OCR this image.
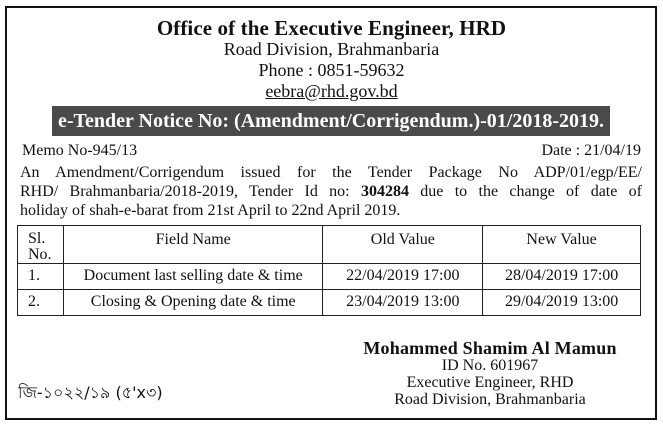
Office of the Executive Engineer, HRD
Road Division, Brahmanbaria
Phone : 0851-59632
eebra@rhd.gov.bd
e-Tender Notice No: (Amendment/Corrigendum.)-01/2018-2019.
Memo No-945/13	Date : 21/04/19
An Amendment/Corrigendum issued for the Tender Package No ADP/01/egp/EE/
RHD/ Brahmanbaria/2018-2019, Tender Id no: 304284 due to the change of date of
holiday of shah-e-barat from 21st April to 22nd April 2019.
Sl.
No.	Field Name	Old Value	New Value
1.	Document last selling date & time	22/04/2019 17:00	28/04/2019 17:00
2.	Closing & Opening date & time	23/04/2019 13:00	29/04/2019 13:00
Mohammed Shamim Al Mamun
ID No. 601967
Executive Engineer, RHD
Road Division, Brahmanbaria
জি-১০২২/১৯ (৫'x৩)
